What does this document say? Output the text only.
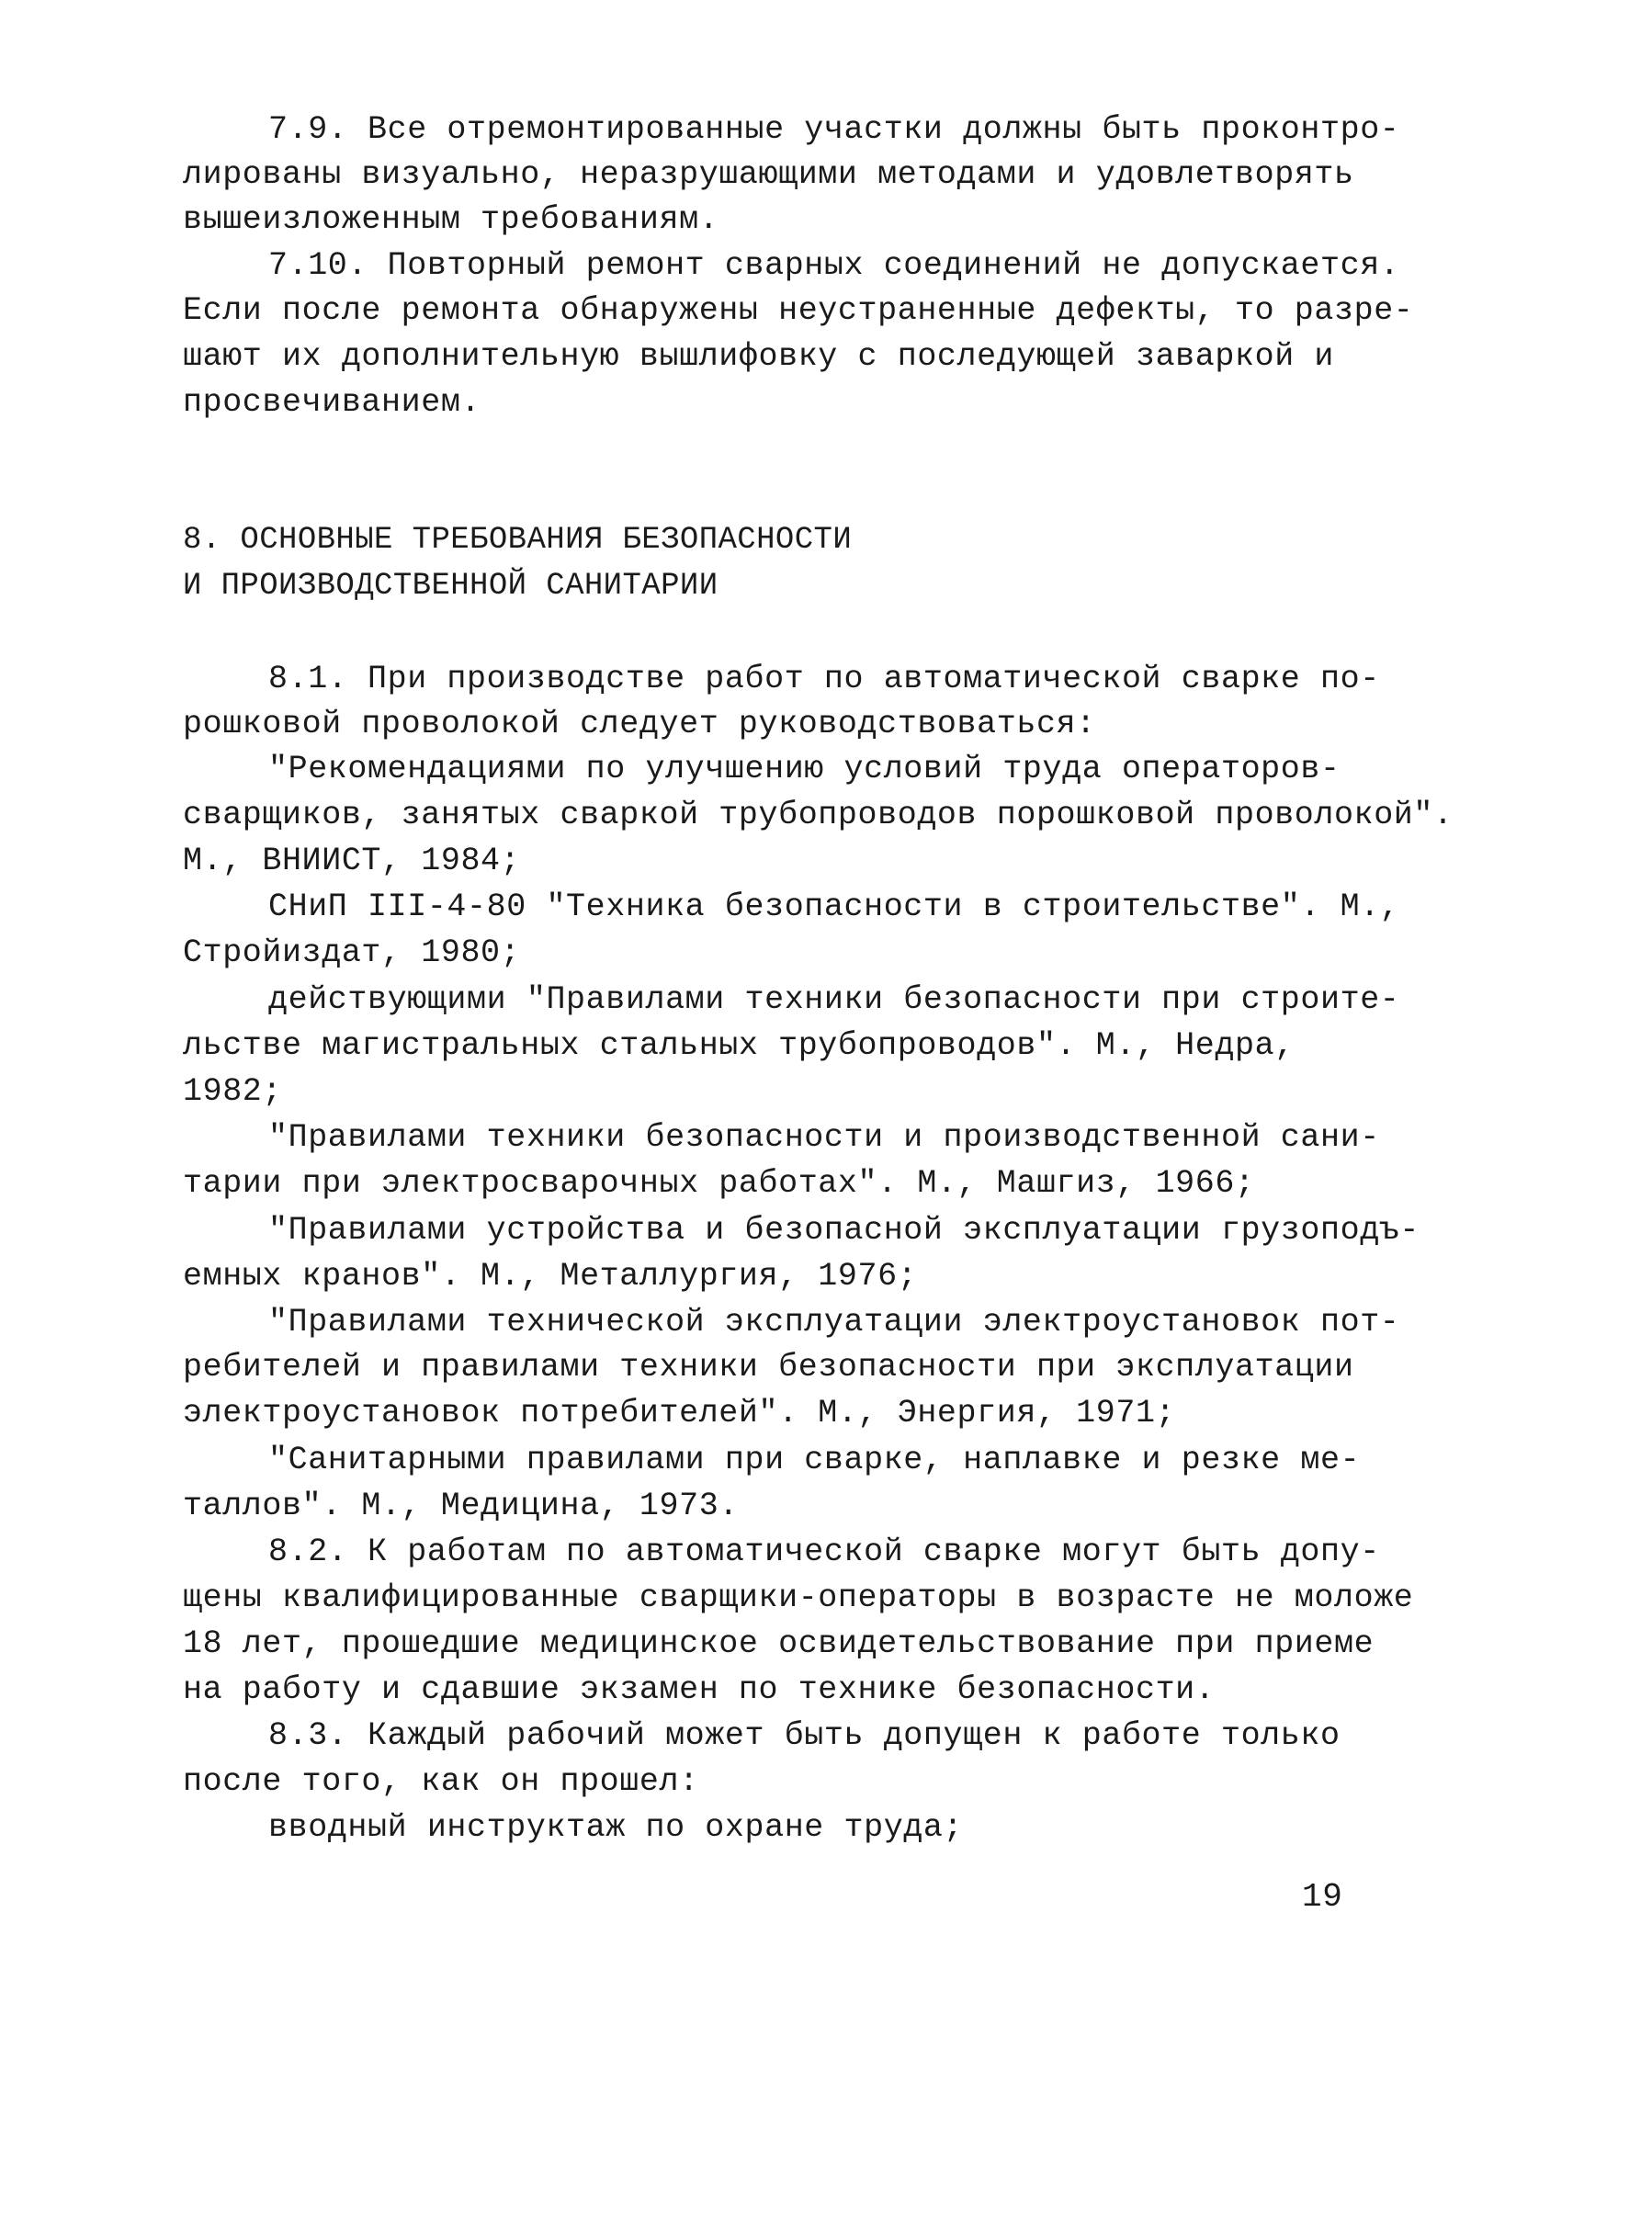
7.9. Все отремонтированные участки должны быть проконтро-
лированы визуально, неразрушающими методами и удовлетворять
вышеизложенным требованиям.
7.10. Повторный ремонт сварных соединений не допускается.
Если после ремонта обнаружены неустраненные дефекты, то разре-
шают их дополнительную вышлифовку с последующей заваркой и
просвечиванием.
8. ОСНОВНЫЕ ТРЕБОВАНИЯ БЕЗОПАСНОСТИ
И ПРОИЗВОДСТВЕННОЙ САНИТАРИИ
8.1. При производстве работ по автоматической сварке по-
рошковой проволокой следует руководствоваться:
"Рекомендациями по улучшению условий труда операторов-
сварщиков, занятых сваркой трубопроводов порошковой проволокой".
М., ВНИИСТ, 1984;
СНиП III-4-80 "Техника безопасности в строительстве". М.,
Стройиздат, 1980;
действующими "Правилами техники безопасности при строите-
льстве магистральных стальных трубопроводов". М., Недра,
1982;
"Правилами техники безопасности и производственной сани-
тарии при электросварочных работах". М., Машгиз, 1966;
"Правилами устройства и безопасной эксплуатации грузоподъ-
емных кранов". М., Металлургия, 1976;
"Правилами технической эксплуатации электроустановок пот-
ребителей и правилами техники безопасности при эксплуатации
электроустановок потребителей". М., Энергия, 1971;
"Санитарными правилами при сварке, наплавке и резке ме-
таллов". М., Медицина, 1973.
8.2. К работам по автоматической сварке могут быть допу-
щены квалифицированные сварщики-операторы в возрасте не моложе
18 лет, прошедшие медицинское освидетельствование при приеме
на работу и сдавшие экзамен по технике безопасности.
8.3. Каждый рабочий может быть допущен к работе только
после того, как он прошел:
вводный инструктаж по охране труда;
19
